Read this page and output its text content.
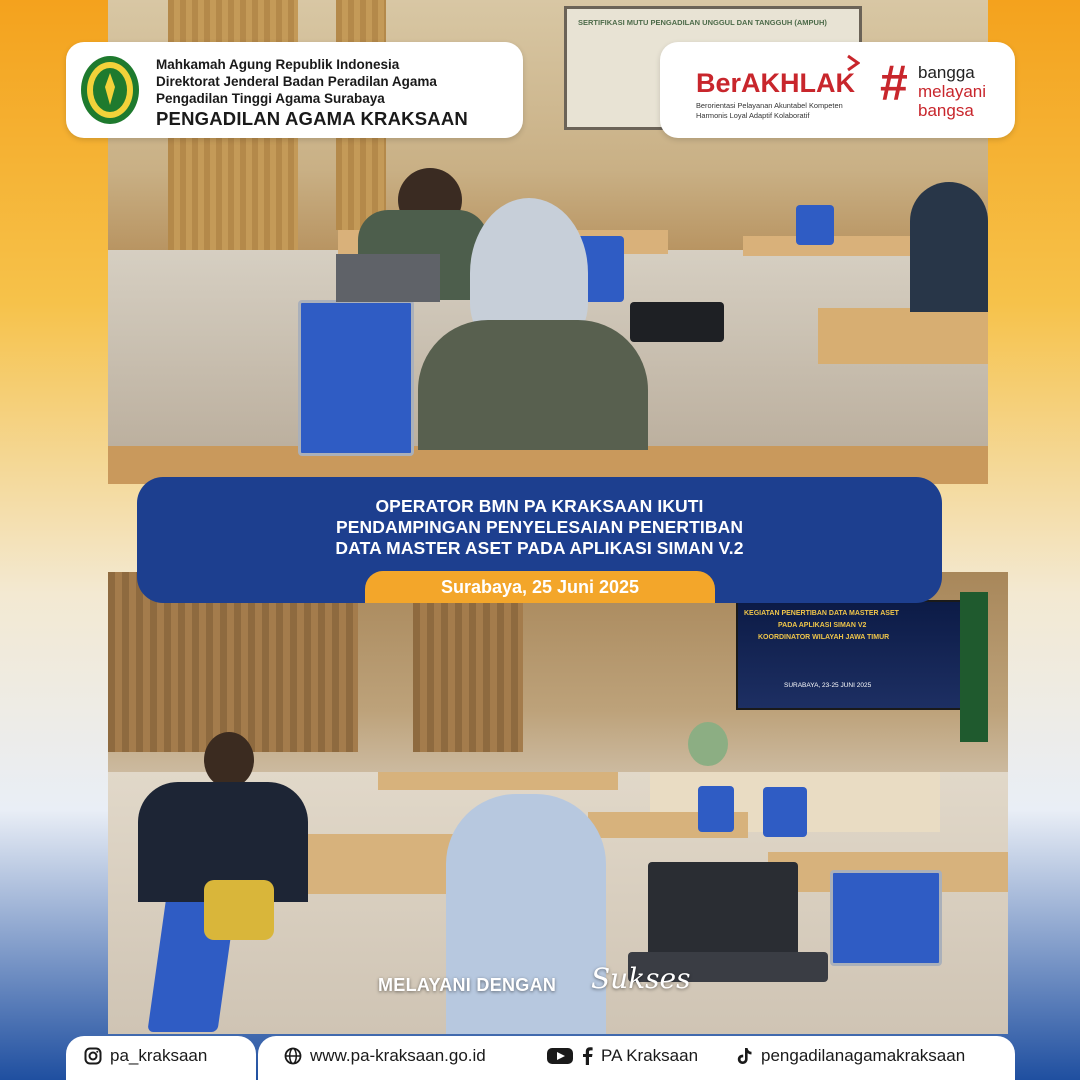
SERTIFIKASI MUTU PENGADILAN UNGGUL DAN TANGGUH (AMPUH)
KEGIATAN PENERTIBAN DATA MASTER ASET
PADA APLIKASI SIMAN V2
KOORDINATOR WILAYAH JAWA TIMUR
SURABAYA, 23-25 JUNI 2025
Mahkamah Agung Republik Indonesia
Direktorat Jenderal Badan Peradilan Agama
Pengadilan Tinggi Agama Surabaya
PENGADILAN AGAMA KRAKSAAN
BerAKHLAK
Berorientasi Pelayanan Akuntabel Kompeten
Harmonis Loyal Adaptif Kolaboratif
# bangga
melayani
bangsa
OPERATOR BMN PA KRAKSAAN IKUTI
PENDAMPINGAN PENYELESAIAN PENERTIBAN
DATA MASTER ASET PADA APLIKASI SIMAN V.2
Surabaya, 25 Juni 2025
MELAYANI DENGAN Sukses
pa_kraksaan	www.pa-kraksaan.go.id	PA Kraksaan	pengadilanagamakraksaan
